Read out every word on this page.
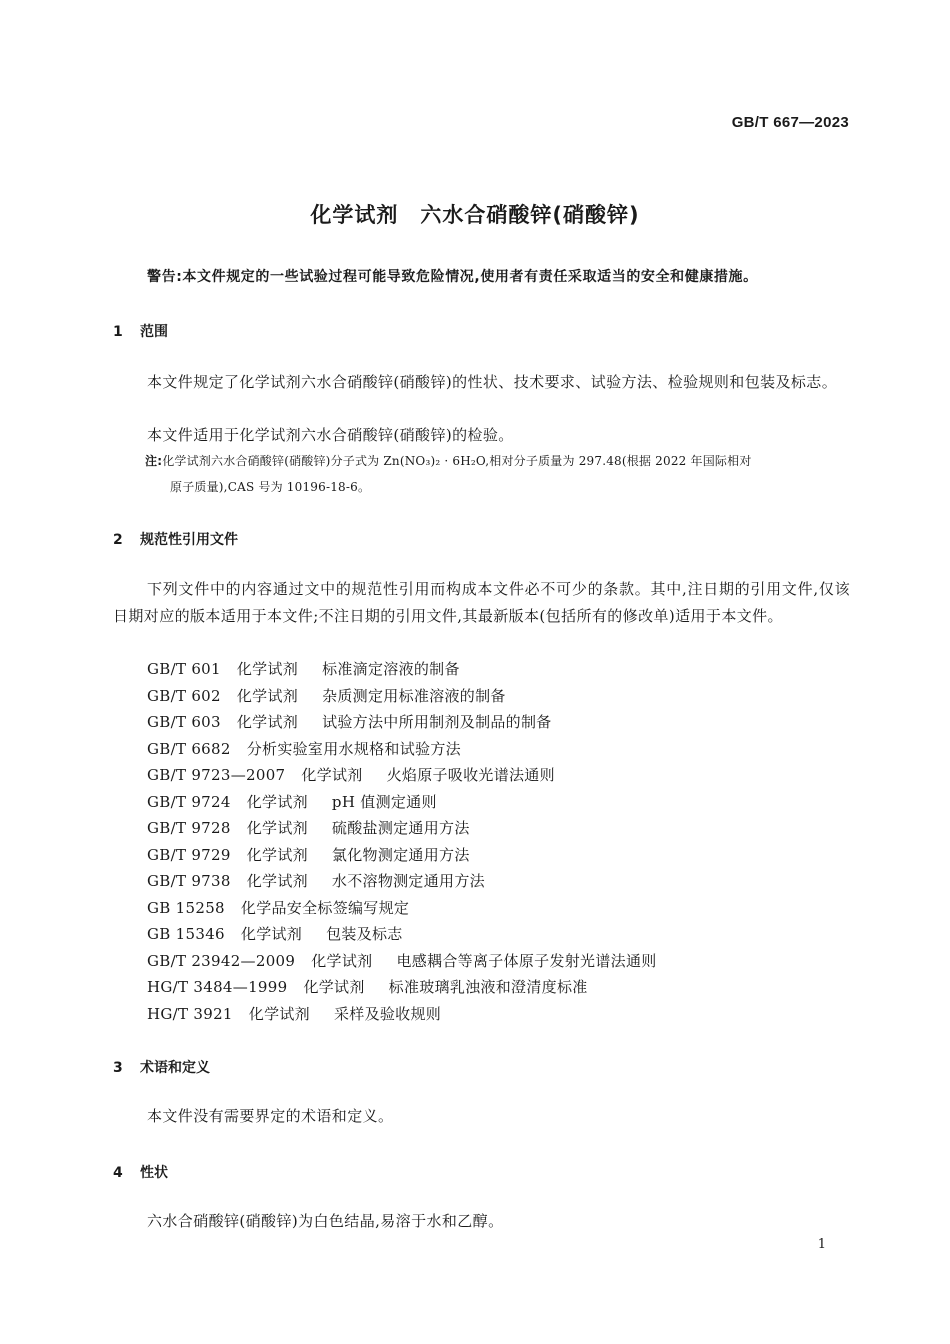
GB/T 667—2023
化学试剂　六水合硝酸锌(硝酸锌)
警告:本文件规定的一些试验过程可能导致危险情况,使用者有责任采取适当的安全和健康措施。
1 范围

本文件规定了化学试剂六水合硝酸锌(硝酸锌)的性状、技术要求、试验方法、检验规则和包装及标志。

本文件适用于化学试剂六水合硝酸锌(硝酸锌)的检验。

注:化学试剂六水合硝酸锌(硝酸锌)分子式为 Zn(NO₃)₂ · 6H₂O,相对分子质量为 297.48(根据 2022 年国际相对
原子质量),CAS 号为 10196-18-6。
2 规范性引用文件

下列文件中的内容通过文中的规范性引用而构成本文件必不可少的条款。其中,注日期的引用文件,仅该日期对应的版本适用于本文件;不注日期的引用文件,其最新版本(包括所有的修改单)适用于本文件。

GB/T 601 化学试剂 标准滴定溶液的制备
GB/T 602 化学试剂 杂质测定用标准溶液的制备
GB/T 603 化学试剂 试验方法中所用制剂及制品的制备
GB/T 6682 分析实验室用水规格和试验方法
GB/T 9723—2007 化学试剂 火焰原子吸收光谱法通则
GB/T 9724 化学试剂 pH 值测定通则
GB/T 9728 化学试剂 硫酸盐测定通用方法
GB/T 9729 化学试剂 氯化物测定通用方法
GB/T 9738 化学试剂 水不溶物测定通用方法
GB 15258 化学品安全标签编写规定
GB 15346 化学试剂 包装及标志
GB/T 23942—2009 化学试剂 电感耦合等离子体原子发射光谱法通则
HG/T 3484—1999 化学试剂 标准玻璃乳浊液和澄清度标准
HG/T 3921 化学试剂 采样及验收规则
3 术语和定义

本文件没有需要界定的术语和定义。

4 性状

六水合硝酸锌(硝酸锌)为白色结晶,易溶于水和乙醇。

1
